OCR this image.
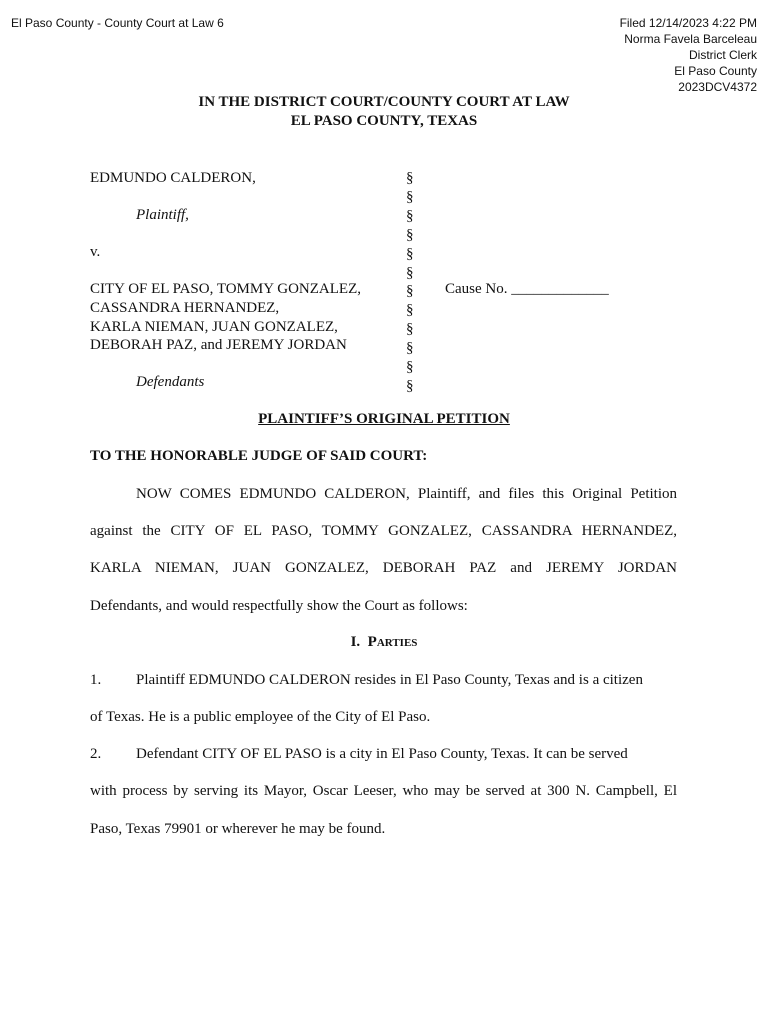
El Paso County - County Court at Law 6	Filed 12/14/2023 4:22 PM
Norma Favela Barceleau
District Clerk
El Paso County
2023DCV4372
IN THE DISTRICT COURT/COUNTY COURT AT LAW
EL PASO COUNTY, TEXAS
EDMUNDO CALDERON,
Plaintiff,
v.
CITY OF EL PASO, TOMMY GONZALEZ,
CASSANDRA HERNANDEZ,
KARLA NIEMAN, JUAN GONZALEZ,
DEBORAH PAZ, and JEREMY JORDAN
Defendants
§
§
§
§
§
§
§
§
§
§
§
§
Cause No. _____________
PLAINTIFF’S ORIGINAL PETITION
TO THE HONORABLE JUDGE OF SAID COURT:
NOW COMES EDMUNDO CALDERON, Plaintiff, and files this Original Petition
against the CITY OF EL PASO, TOMMY GONZALEZ, CASSANDRA HERNANDEZ,
KARLA NIEMAN, JUAN GONZALEZ, DEBORAH PAZ and JEREMY JORDAN
Defendants, and would respectfully show the Court as follows:
I. Parties
1. Plaintiff EDMUNDO CALDERON resides in El Paso County, Texas and is a citizen
of Texas. He is a public employee of the City of El Paso.
2. Defendant CITY OF EL PASO is a city in El Paso County, Texas. It can be served
with process by serving its Mayor, Oscar Leeser, who may be served at 300 N. Campbell, El
Paso, Texas 79901 or wherever he may be found.
